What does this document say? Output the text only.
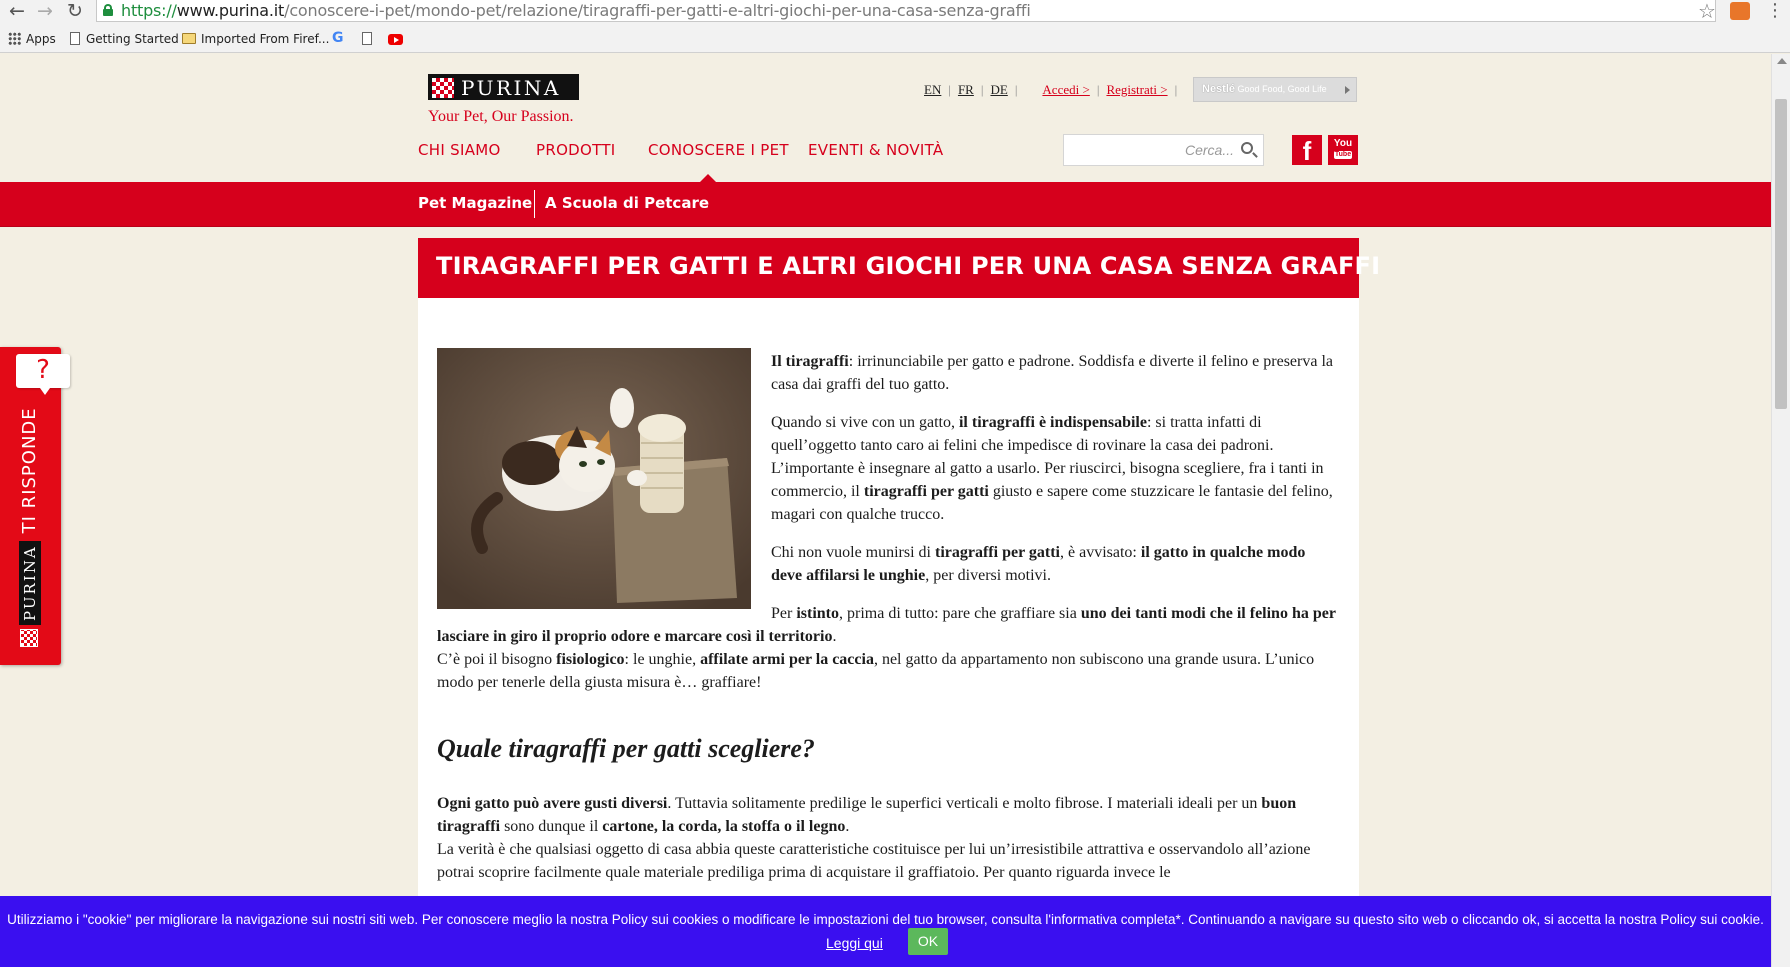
← → ↻ https://www.purina.it/conoscere-i-pet/mondo-pet/relazione/tiragraffi-per-gatti-e-altri-giochi-per-una-casa-senza-graffi	☆	⋮
Apps	Getting Started	Imported From Firef... G
PURINA
Your Pet, Our Passion.
EN | FR | DE | Accedi > | Registrati > |	Nestlé Good Food, Good Life
CHI SIAMO PRODOTTI CONOSCERE I PET EVENTI & NOVITÀ
Cerca...	f	You
Tube
Pet Magazine A Scuola di Petcare
?
PURINATI RISPONDE
TIRAGRAFFI PER GATTI E ALTRI GIOCHI PER UNA CASA SENZA GRAFFI

Il tiragraffi: irrinunciabile per gatto e padrone. Soddisfa e diverte il felino e preserva la casa dai graffi del tuo gatto.

Quando si vive con un gatto, il tiragraffi è indispensabile: si tratta infatti di quell’oggetto tanto caro ai felini che impedisce di rovinare la casa dei padroni. L’importante è insegnare al gatto a usarlo. Per riuscirci, bisogna scegliere, fra i tanti in commercio, il tiragraffi per gatti giusto e sapere come stuzzicare le fantasie del felino, magari con qualche trucco.

Chi non vuole munirsi di tiragraffi per gatti, è avvisato: il gatto in qualche modo deve affilarsi le unghie, per diversi motivi.

Per istinto, prima di tutto: pare che graffiare sia uno dei tanti modi che il felino ha per lasciare in giro il proprio odore e marcare così il territorio.

C’è poi il bisogno fisiologico: le unghie, affilate armi per la caccia, nel gatto da appartamento non subiscono una grande usura. L’unico modo per tenerle della giusta misura è… graffiare!

Quale tiragraffi per gatti scegliere?

Ogni gatto può avere gusti diversi. Tuttavia solitamente predilige le superfici verticali e molto fibrose. I materiali ideali per un buon tiragraffi sono dunque il cartone, la corda, la stoffa o il legno.

La verità è che qualsiasi oggetto di casa abbia queste caratteristiche costituisce per lui un’irresistibile attrattiva e osservandolo all’azione potrai scoprire facilmente quale materiale prediliga prima di acquistare il graffiatoio. Per quanto riguarda invece le

Utilizziamo i "cookie" per migliorare la navigazione sui nostri siti web. Per conoscere meglio la nostra Policy sui cookies o modificare le impostazioni del tuo browser, consulta l'informativa completa*. Continuando a navigare su questo sito web o cliccando ok, si accetta la nostra Policy sui cookie.
Leggi qui	OK
